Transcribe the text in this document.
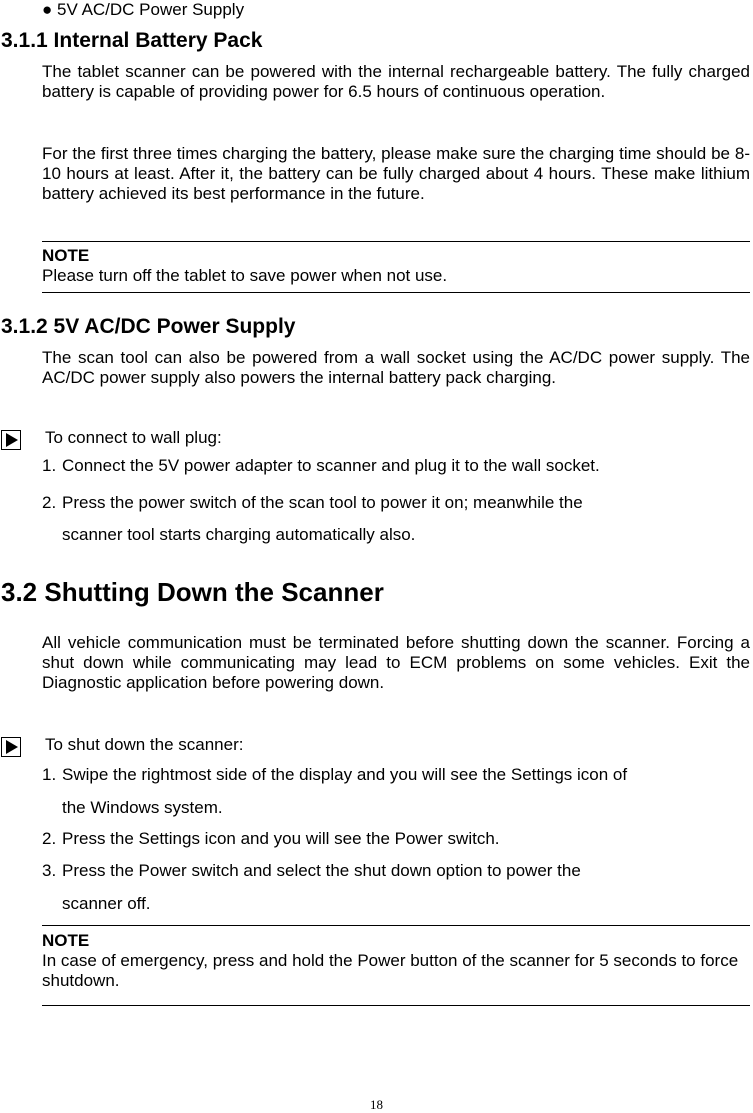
● 5V AC/DC Power Supply
3.1.1 Internal Battery Pack

The tablet scanner can be powered with the internal rechargeable battery. The fully charged battery is capable of providing power for 6.5 hours of continuous operation.

For the first three times charging the battery, please make sure the charging time should be 8-10 hours at least. After it, the battery can be fully charged about 4 hours. These make lithium battery achieved its best performance in the future.

NOTE
Please turn off the tablet to save power when not use.
3.1.2 5V AC/DC Power Supply

The scan tool can also be powered from a wall socket using the AC/DC power supply. The AC/DC power supply also powers the internal battery pack charging.

To connect to wall plug:
1. Connect the 5V power adapter to scanner and plug it to the wall socket.
2. Press the power switch of the scan tool to power it on; meanwhile the
scanner tool starts charging automatically also.
3.2 Shutting Down the Scanner

All vehicle communication must be terminated before shutting down the scanner. Forcing a shut down while communicating may lead to ECM problems on some vehicles. Exit the Diagnostic application before powering down.

To shut down the scanner:
1. Swipe the rightmost side of the display and you will see the Settings icon of
the Windows system.
2. Press the Settings icon and you will see the Power switch.
3. Press the Power switch and select the shut down option to power the
scanner off.
NOTE
In case of emergency, press and hold the Power button of the scanner for 5 seconds to force shutdown.
18
